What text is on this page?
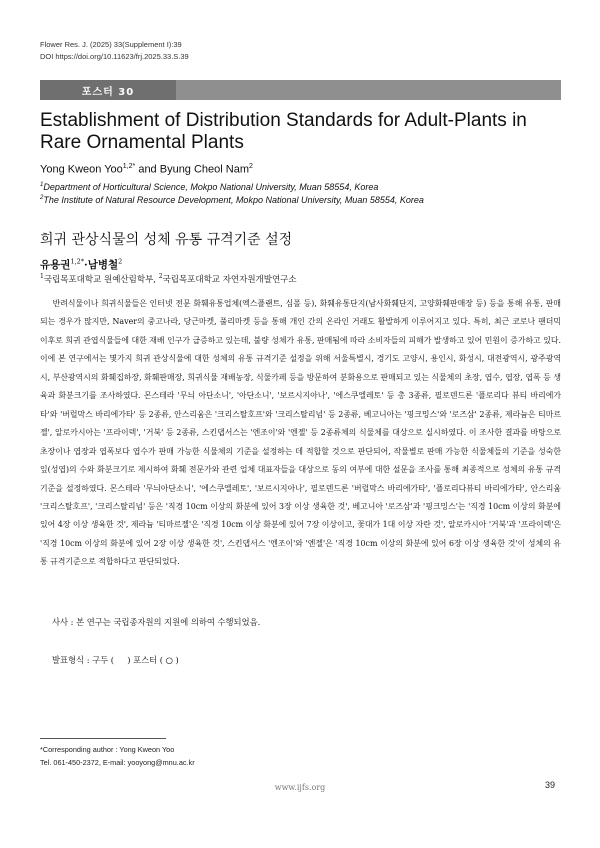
Flower Res. J. (2025) 33(Supplement I):39
DOI https://doi.org/10.11623/frj.2025.33.S.39
포스터 30
Establishment of Distribution Standards for Adult-Plants in Rare Ornamental Plants
Yong Kweon Yoo$^{1,2*}$ and Byung Cheol Nam$^2$
$^1$Department of Horticultural Science, Mokpo National University, Muan 58554, Korea
$^2$The Institute of Natural Resource Development, Mokpo National University, Muan 58554, Korea
희귀 관상식물의 성체 유통 규격기준 설정
유용권$^{1,2*}$·남병철$^2$
$^1$국립목포대학교 원예산림학부, $^2$국립목포대학교 자연자원개발연구소
반려식물이나 희귀식물들은 인터넷 전문 화훼유통업체(엑스플랜트, 심폴 등), 화훼유통단지(남사화훼단지, 고양화훼판매장 등) 등을 통해 유통, 판매되는 경우가 많지만, Naver의 중고나라, 당근마켓, 풀리마켓 등을 통해 개인 간의 온라인 거래도 활발하게 이루어지고 있다. 특히, 최근 코로나 팬더믹 이후로 희귀 관엽식물들에 대한 재배 인구가 급증하고 있는데, 불량 성체가 유통, 판매됨에 따라 소비자들의 피해가 발생하고 있어 민원이 증가하고 있다. 이에 본 연구에서는 몇가지 희귀 관상식물에 대한 성체의 유통 규격기준 설정을 위해 서울특별시, 경기도 고양시, 용인시, 화성시, 대전광역시, 광주광역시, 부산광역시의 화훼집하장, 화훼판매장, 희귀식물 재배농장, 식물카페 등을 방문하여 분화용으로 판매되고 있는 식물체의 초장, 엽수, 엽장, 엽폭 등 생육과 화분크기를 조사하였다. 몬스테라 '무늬 아단소니', '아단소니', '보르시지아나', '에스쿠엘레토' 등 총 3종류, 필로덴드론 '플로리다 뷰티 바리에가타'와 '버럴막스 바리에가타' 등 2종류, 안스리움은 '크리스탈호프'와 '크리스탈리넘' 등 2종류, 베고니아는 '핑크밍스'와 '로즈삼' 2종류, 제라늄은 티마르젤', 알로카시아는 '프라이덱', '거북' 등 2종류, 스킨댑서스는 '엔조이'와 '엔젤' 등 2종류체의 식물체를 대상으로 실시하였다. 이 조사한 결과를 바탕으로 초장이나 엽장과 엽폭보다 엽수가 판매 가능한 식물체의 기준을 설정하는 데 적합할 것으로 판단되어, 작물별로 판매 가능한 식물체들의 기준을 성숙한 잎(성엽)의 수와 화분크기로 제시하여 화훼 전문가와 관련 업체 대표자들을 대상으로 동의 여부에 대한 설문을 조사를 통해 최종적으로 성체의 유통 규격기준을 설정하였다. 몬스테라 '무늬아단소니', '에스쿠엘레토', '보르시지아나', 필로덴드론 '버럴막스 바리에가타', '플로리다뷰티 바리에가타', 안스리움 '크리스탈호프', '크리스탈리넘' 등은 '직경 10cm 이상의 화분에 있어 3장 이상 생육한 것', 베고니아 '로즈삼'과 '핑크밍스'는 '직경 10cm 이상의 화분에 있어 4장 이상 생육한 것', 제라늄 '티마르젤'은 '직경 10cm 이상 화분에 있어 7장 이상이고, 꽃대가 1대 이상 자란 것', 알로카시아 '거북'과 '프라이덱'은 '직경 10cm 이상의 화분에 있어 2장 이상 생육한 것', 스킨댑서스 '엔조이'와 '엔젤'은 '직경 10cm 이상의 화분에 있어 6장 이상 생육한 것'이 성체의 유통 규격기준으로 적합하다고 판단되었다.
사사 : 본 연구는 국립종자원의 지원에 의하여 수행되었음.
발표형식 : 구두 (     ) 포스터 ( ○ )
*Corresponding author : Yong Kweon Yoo
Tel. 061-450-2372, E-mail: yooyong@mnu.ac.kr
www.ijfs.org	39
